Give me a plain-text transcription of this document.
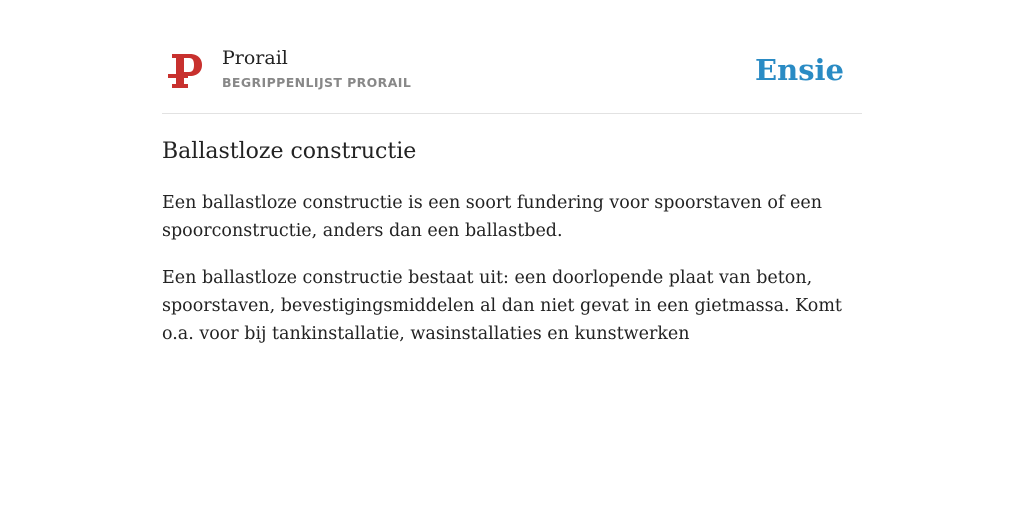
Prorail
BEGRIPPENLIJST PRORAIL	Ensie
Ballastloze constructie

Een ballastloze constructie is een soort fundering voor spoorstaven of een spoorconstructie, anders dan een ballastbed.

Een ballastloze constructie bestaat uit: een doorlopende plaat van beton, spoorstaven, bevestigingsmiddelen al dan niet gevat in een gietmassa. Komt o.a. voor bij tankinstallatie, wasinstallaties en kunstwerken
